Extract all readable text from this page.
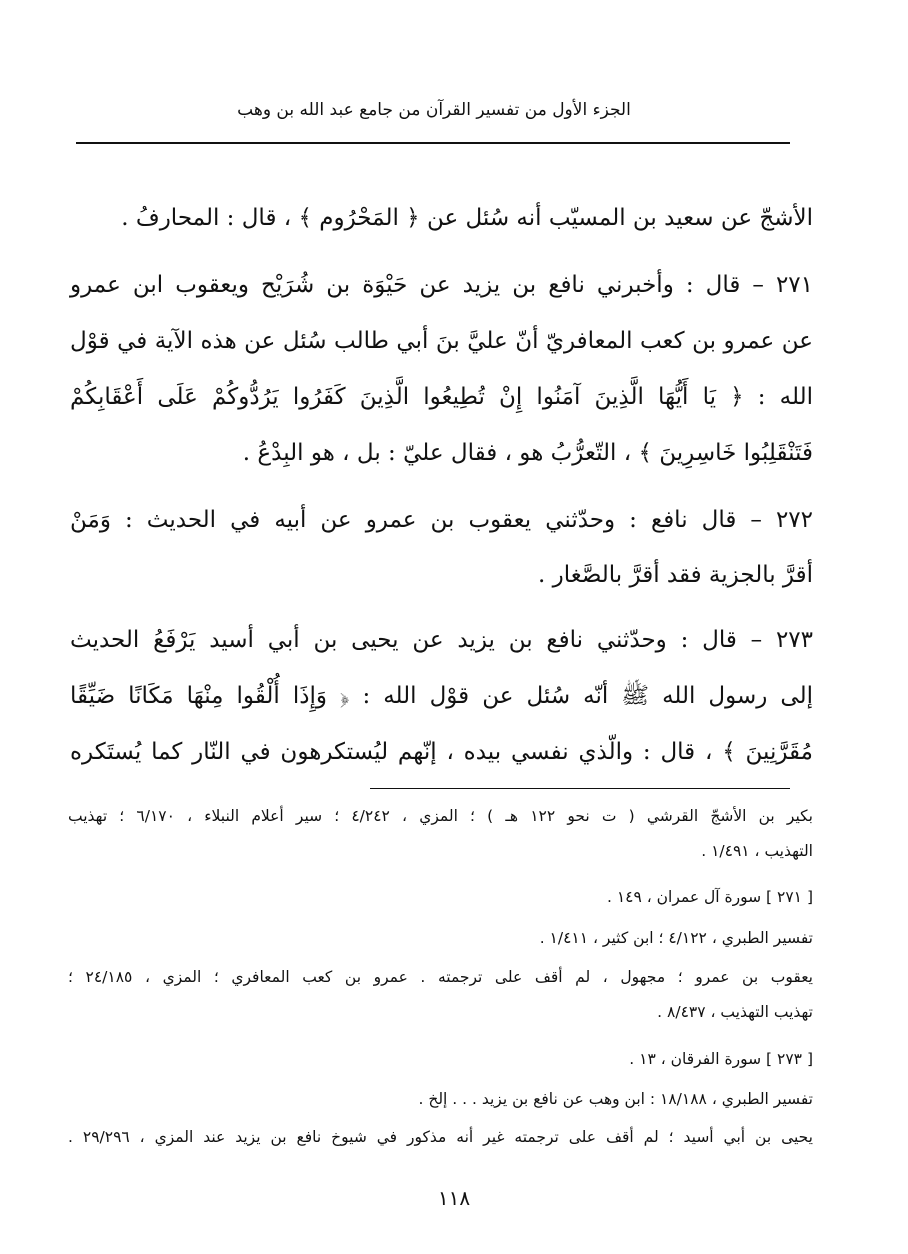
الجزء الأول من تفسير القرآن من جامع عبد الله بن وهب
الأشجّ عن سعيد بن المسيّب أنه سُئل عن ﴿ المَحْرُوم ﴾ ، قال : المحارفُ .
٢٧١ – قال : وأخبرني نافع بن يزيد عن حَيْوَة بن شُرَيْح ويعقوب ابن عمرو
عن عمرو بن كعب المعافريّ أنّ عليَّ بنَ أبي طالب سُئل عن هذه الآية في قوْل
الله : ﴿ يَا أَيُّهَا الَّذِينَ آمَنُوا إِنْ تُطِيعُوا الَّذِينَ كَفَرُوا يَرُدُّوكُمْ عَلَى أَعْقَابِكُمْ
فَتَنْقَلِبُوا خَاسِرِينَ ﴾ ، التّعرُّبُ هو ، فقال عليّ : بل ، هو البِدْعُ .
٢٧٢ – قال نافع : وحدّثني يعقوب بن عمرو عن أبيه في الحديث : وَمَنْ
أقرَّ بالجزية فقد أقرَّ بالصَّغار .
٢٧٣ – قال : وحدّثني نافع بن يزيد عن يحيى بن أبي أسيد يَرْفَعُ الحديث
إلى رسول الله ﷺ أنّه سُئل عن قوْل الله : ﴿ وَإِذَا أُلْقُوا مِنْهَا مَكَانًا ضَيِّقًا
مُقَرَّنِينَ ﴾ ، قال : والّذي نفسي بيده ، إنّهم ليُستكرهون في النّار كما يُستَكره
بكير بن الأشجّ القرشي ( ت نحو ١٢٢ هـ ) ؛ المزي ، ٤/٢٤٢ ؛ سير أعلام النبلاء ، ٦/١٧٠ ؛ تهذيب
التهذيب ، ١/٤٩١ .
[ ٢٧١ ] سورة آل عمران ، ١٤٩ .
تفسير الطبري ، ٤/١٢٢ ؛ ابن كثير ، ١/٤١١ .
يعقوب بن عمرو ؛ مجهول ، لم أقف على ترجمته . عمرو بن كعب المعافري ؛ المزي ، ٢٤/١٨٥ ؛
تهذيب التهذيب ، ٨/٤٣٧ .
[ ٢٧٣ ] سورة الفرقان ، ١٣ .
تفسير الطبري ، ١٨/١٨٨ : ابن وهب عن نافع بن يزيد . . . إلخ .
يحيى بن أبي أسيد ؛ لم أقف على ترجمته غير أنه مذكور في شيوخ نافع بن يزيد عند المزي ، ٢٩/٢٩٦ .
١١٨
